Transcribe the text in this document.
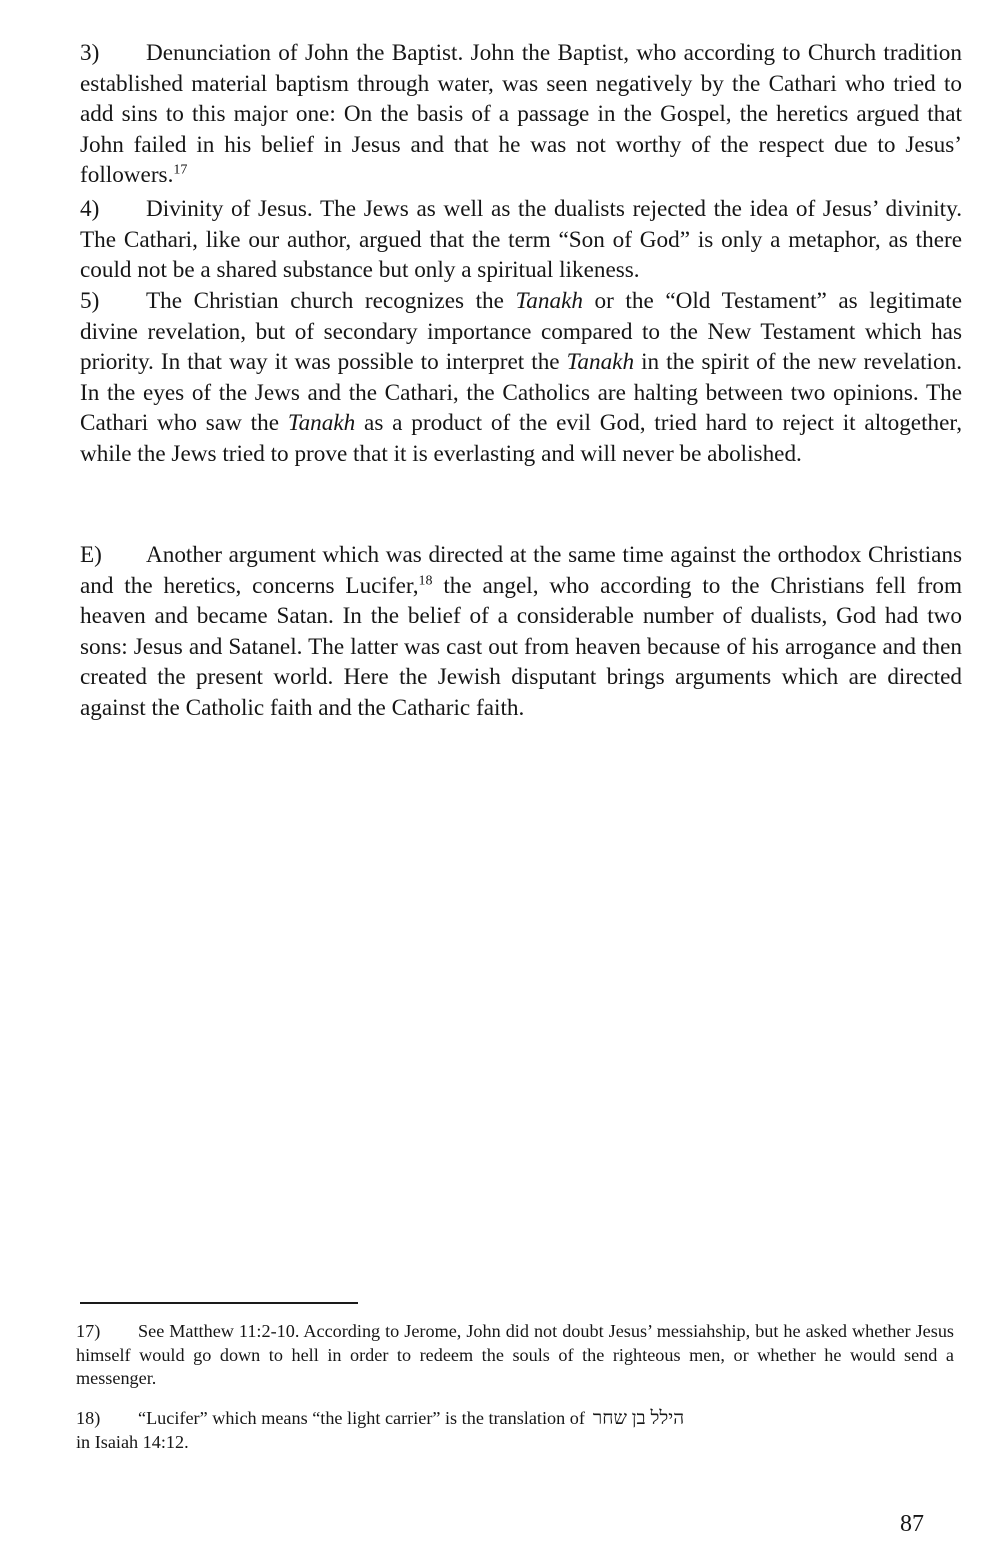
3) Denunciation of John the Baptist. John the Baptist, who according to Church tradition established material baptism through water, was seen negatively by the Cathari who tried to add sins to this major one: On the basis of a passage in the Gospel, the heretics argued that John failed in his belief in Jesus and that he was not worthy of the respect due to Jesus’ followers.$^{17}$

4) Divinity of Jesus. The Jews as well as the dualists rejected the idea of Jesus’ divinity. The Cathari, like our author, argued that the term “Son of God” is only a metaphor, as there could not be a shared substance but only a spiritual likeness.

5) The Christian church recognizes the Tanakh or the “Old Testament” as legitimate divine revelation, but of secondary importance compared to the New Testament which has priority. In that way it was possible to interpret the Tanakh in the spirit of the new revelation. In the eyes of the Jews and the Cathari, the Catholics are halting between two opinions. The Cathari who saw the Tanakh as a product of the evil God, tried hard to reject it altogether, while the Jews tried to prove that it is everlasting and will never be abolished.

E) Another argument which was directed at the same time against the orthodox Christians and the heretics, concerns Lucifer,$^{18}$ the angel, who according to the Christians fell from heaven and became Satan. In the belief of a considerable number of dualists, God had two sons: Jesus and Satanel. The latter was cast out from heaven because of his arrogance and then created the present world. Here the Jewish disputant brings arguments which are directed against the Catholic faith and the Catharic faith.

17) See Matthew 11:2-10. According to Jerome, John did not doubt Jesus’ messiahship, but he asked whether Jesus himself would go down to hell in order to redeem the souls of the righteous men, or whether he would send a messenger.

18) “Lucifer” which means “the light carrier” is the translation of הילל בן שחר
in Isaiah 14:12.

87
